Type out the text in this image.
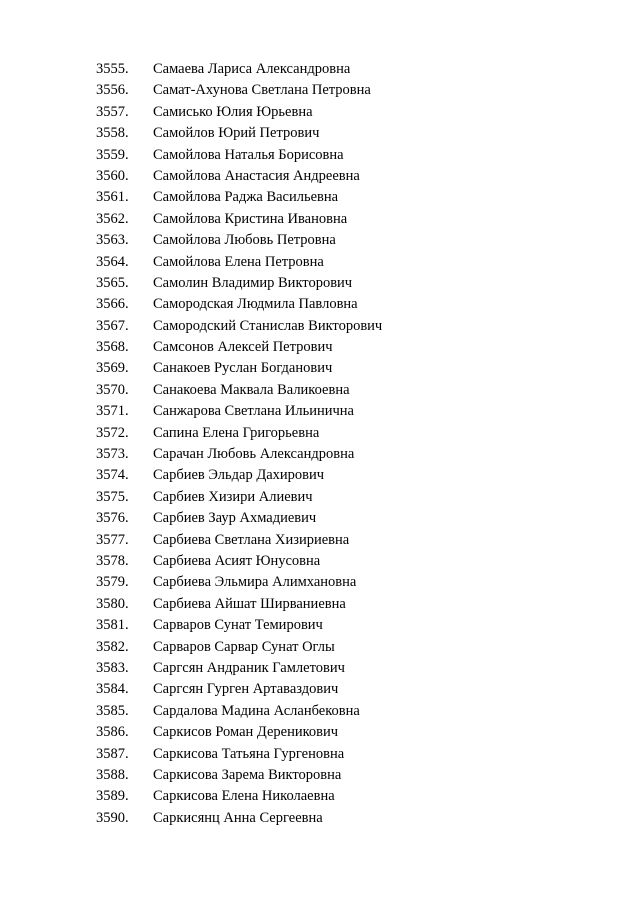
3555. Самаева Лариса Александровна
3556. Самат-Ахунова Светлана Петровна
3557. Самисько Юлия Юрьевна
3558. Самойлов Юрий Петрович
3559. Самойлова Наталья Борисовна
3560. Самойлова Анастасия Андреевна
3561. Самойлова Раджа Васильевна
3562. Самойлова Кристина Ивановна
3563. Самойлова Любовь Петровна
3564. Самойлова Елена Петровна
3565. Самолин Владимир Викторович
3566. Самородская Людмила Павловна
3567. Самородский Станислав Викторович
3568. Самсонов Алексей Петрович
3569. Санакоев Руслан Богданович
3570. Санакоева Маквала Валикоевна
3571. Санжарова Светлана Ильинична
3572. Сапина Елена Григорьевна
3573. Сарачан Любовь Александровна
3574. Сарбиев Эльдар Дахирович
3575. Сарбиев Хизири Алиевич
3576. Сарбиев Заур Ахмадиевич
3577. Сарбиева Светлана Хизириевна
3578. Сарбиева Асият Юнусовна
3579. Сарбиева Эльмира Алимхановна
3580. Сарбиева Айшат Ширваниевна
3581. Сарваров Сунат Темирович
3582. Сарваров Сарвар Сунат Оглы
3583. Саргсян Андраник Гамлетович
3584. Саргсян Гурген Артаваздович
3585. Сардалова Мадина Асланбековна
3586. Саркисов Роман Дереникович
3587. Саркисова Татьяна Гургеновна
3588. Саркисова Зарема Викторовна
3589. Саркисова Елена Николаевна
3590. Саркисянц Анна Сергеевна
